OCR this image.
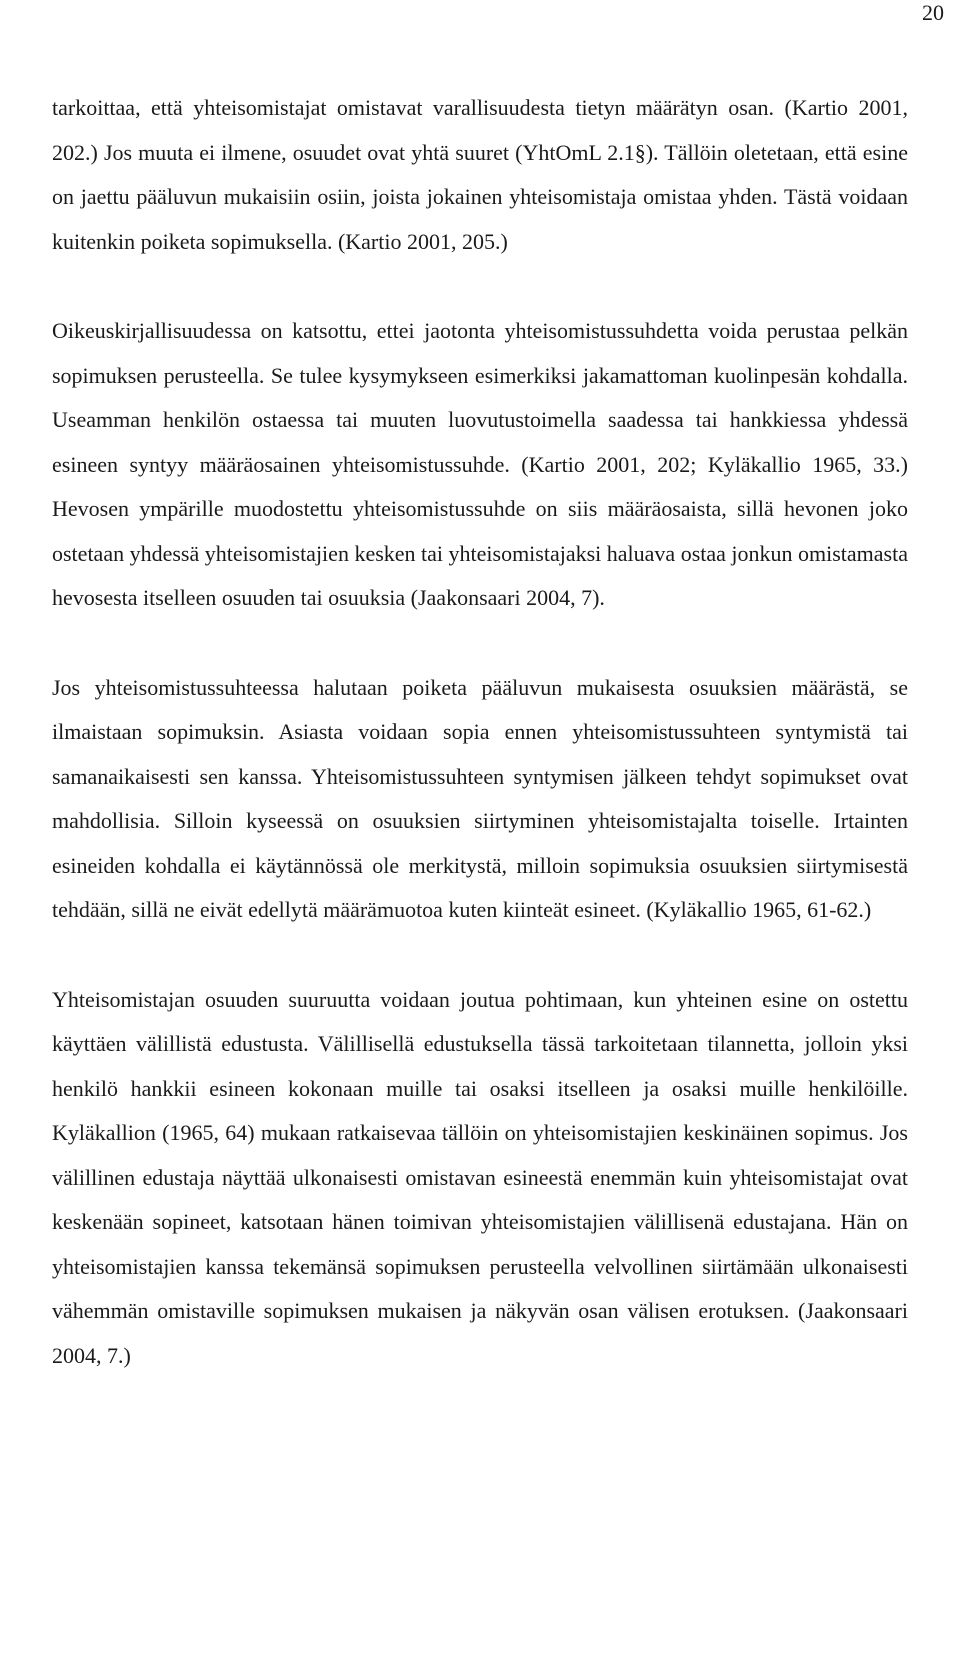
20

tarkoittaa, että yhteisomistajat omistavat varallisuudesta tietyn määrätyn osan. (Kartio 2001, 202.) Jos muuta ei ilmene, osuudet ovat yhtä suuret (YhtOmL 2.1§). Tällöin oletetaan, että esine on jaettu pääluvun mukaisiin osiin, joista jokainen yhteisomistaja omistaa yhden. Tästä voidaan kuitenkin poiketa sopimuksella. (Kartio 2001, 205.)

Oikeuskirjallisuudessa on katsottu, ettei jaotonta yhteisomistussuhdetta voida perustaa pelkän sopimuksen perusteella. Se tulee kysymykseen esimerkiksi jakamattoman kuolinpesän kohdalla. Useamman henkilön ostaessa tai muuten luovutustoimella saadessa tai hankkiessa yhdessä esineen syntyy määräosainen yhteisomistussuhde. (Kartio 2001, 202; Kyläkallio 1965, 33.) Hevosen ympärille muodostettu yhteisomistussuhde on siis määräosaista, sillä hevonen joko ostetaan yhdessä yhteisomistajien kesken tai yhteisomistajaksi haluava ostaa jonkun omistamasta hevosesta itselleen osuuden tai osuuksia (Jaakonsaari 2004, 7).

Jos yhteisomistussuhteessa halutaan poiketa pääluvun mukaisesta osuuksien määrästä, se ilmaistaan sopimuksin. Asiasta voidaan sopia ennen yhteisomistussuhteen syntymistä tai samanaikaisesti sen kanssa. Yhteisomistussuhteen syntymisen jälkeen tehdyt sopimukset ovat mahdollisia. Silloin kyseessä on osuuksien siirtyminen yhteisomistajalta toiselle. Irtainten esineiden kohdalla ei käytännössä ole merkitystä, milloin sopimuksia osuuksien siirtymisestä tehdään, sillä ne eivät edellytä määrämuotoa kuten kiinteät esineet. (Kyläkallio 1965, 61-62.)

Yhteisomistajan osuuden suuruutta voidaan joutua pohtimaan, kun yhteinen esine on ostettu käyttäen välillistä edustusta. Välillisellä edustuksella tässä tarkoitetaan tilannetta, jolloin yksi henkilö hankkii esineen kokonaan muille tai osaksi itselleen ja osaksi muille henkilöille. Kyläkallion (1965, 64) mukaan ratkaisevaa tällöin on yhteisomistajien keskinäinen sopimus. Jos välillinen edustaja näyttää ulkonaisesti omistavan esineestä enemmän kuin yhteisomistajat ovat keskenään sopineet, katsotaan hänen toimivan yhteisomistajien välillisenä edustajana. Hän on yhteisomistajien kanssa tekemänsä sopimuksen perusteella velvollinen siirtämään ulkonaisesti vähemmän omistaville sopimuksen mukaisen ja näkyvän osan välisen erotuksen. (Jaakonsaari 2004, 7.)
